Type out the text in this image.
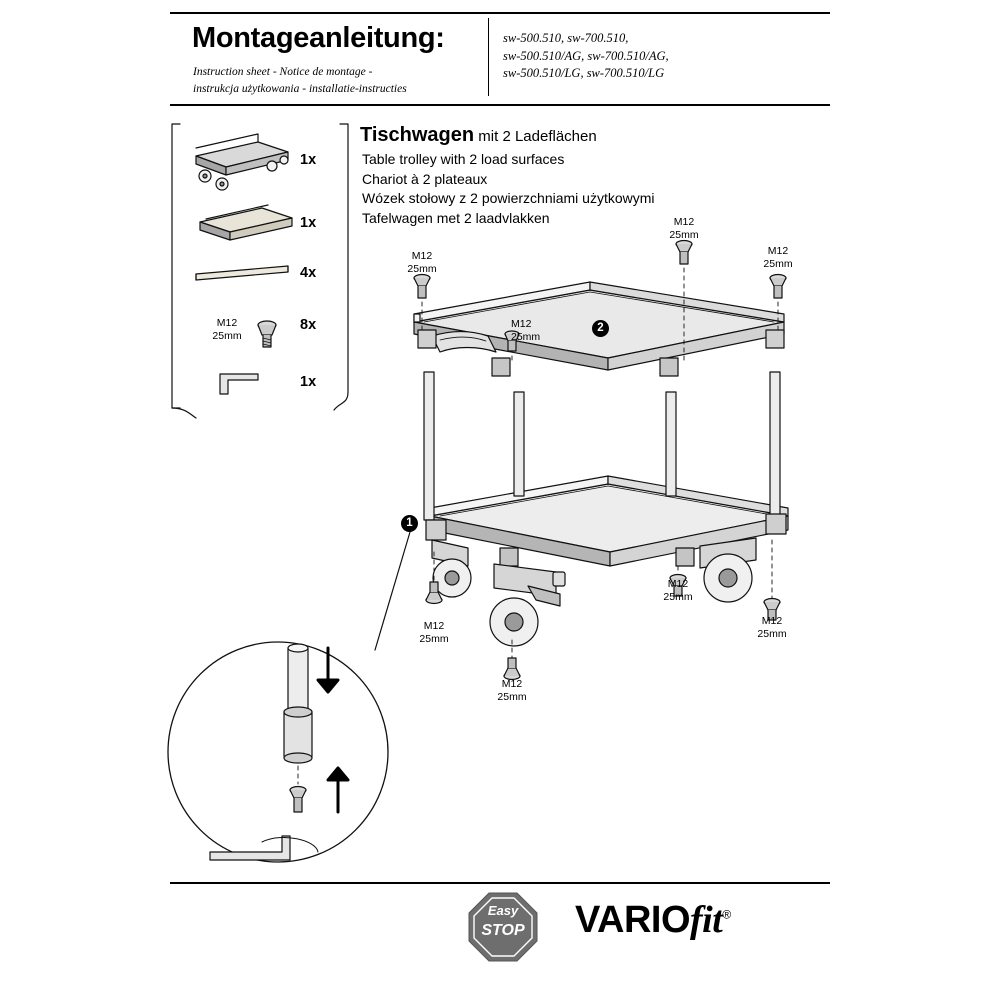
Montageanleitung:
Instruction sheet - Notice de montage -
instrukcja użytkowania - installatie-instructies
sw-500.510, sw-700.510,
sw-500.510/AG, sw-700.510/AG,
sw-500.510/LG, sw-700.510/LG
Tischwagen mit 2 Ladeflächen
Table trolley with 2 load surfaces
Chariot à 2 plateaux
Wózek stołowy z 2 powierzchniami użytkowymi
Tafelwagen met 2 laadvlakken
1x
1x
4x
8x
1x
M12
25mm
2
1
M12
25mm
M12
25mm
M12
25mm
M12
25mm
M12
25mm
M12
25mm
M12
25mm
M12
25mm
Easy
STOP	VARIOfit®
